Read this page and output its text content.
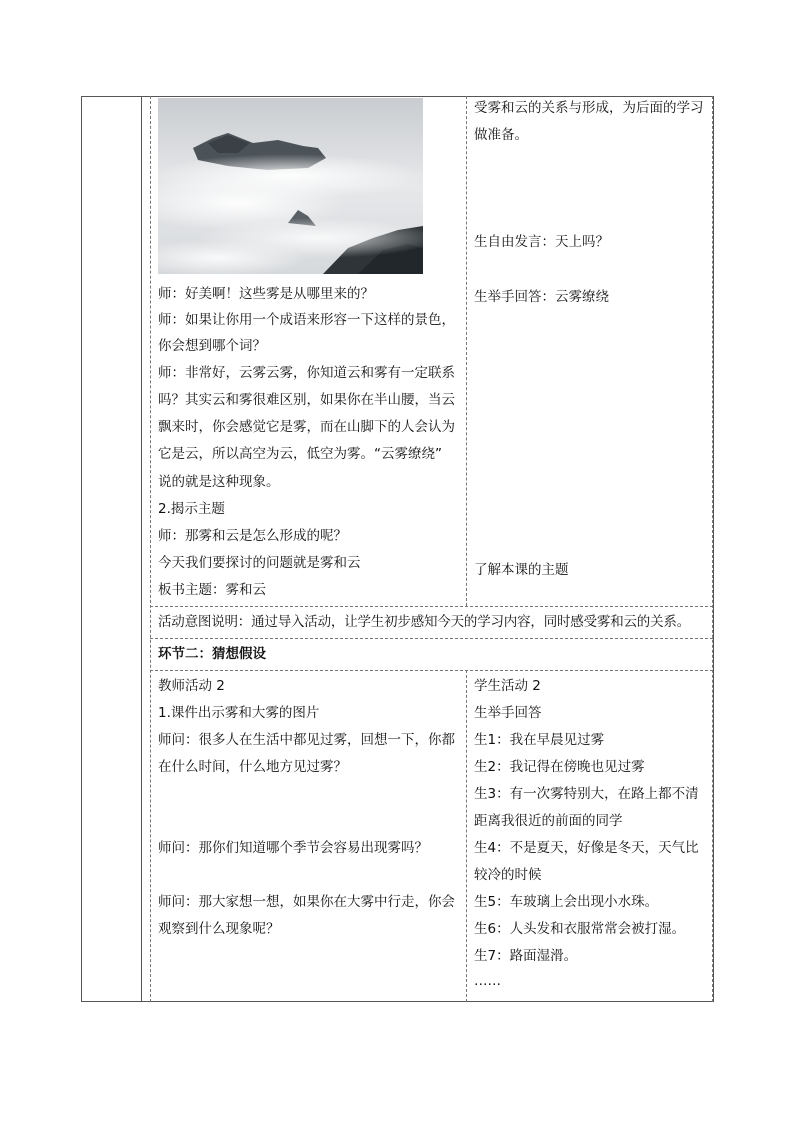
师：好美啊！这些雾是从哪里来的？
师：如果让你用一个成语来形容一下这样的景色，
你会想到哪个词？
师：非常好，云雾云雾，你知道云和雾有一定联系
吗？其实云和雾很难区别，如果你在半山腰，当云
飘来时，你会感觉它是雾，而在山脚下的人会认为
它是云，所以高空为云，低空为雾。“云雾缭绕”
说的就是这种现象。
2.揭示主题
师：那雾和云是怎么形成的呢？
今天我们要探讨的问题就是雾和云
板书主题：雾和云
受雾和云的关系与形成，为后面的学习
做准备。
生自由发言：天上吗？
生举手回答：云雾缭绕
了解本课的主题
活动意图说明：通过导入活动，让学生初步感知今天的学习内容，同时感受雾和云的关系。
环节二：猜想假设
教师活动 2	学生活动 2
1.课件出示雾和大雾的图片
师问：很多人在生活中都见过雾，回想一下，你都
在什么时间，什么地方见过雾？
师问：那你们知道哪个季节会容易出现雾吗？
师问：那大家想一想，如果你在大雾中行走，你会
观察到什么现象呢？
生举手回答
生1：我在早晨见过雾
生2：我记得在傍晚也见过雾
生3：有一次雾特别大，在路上都不清
距离我很近的前面的同学
生4：不是夏天，好像是冬天，天气比
较冷的时候
生5：车玻璃上会出现小水珠。
生6：人头发和衣服常常会被打湿。
生7：路面湿滑。
……
